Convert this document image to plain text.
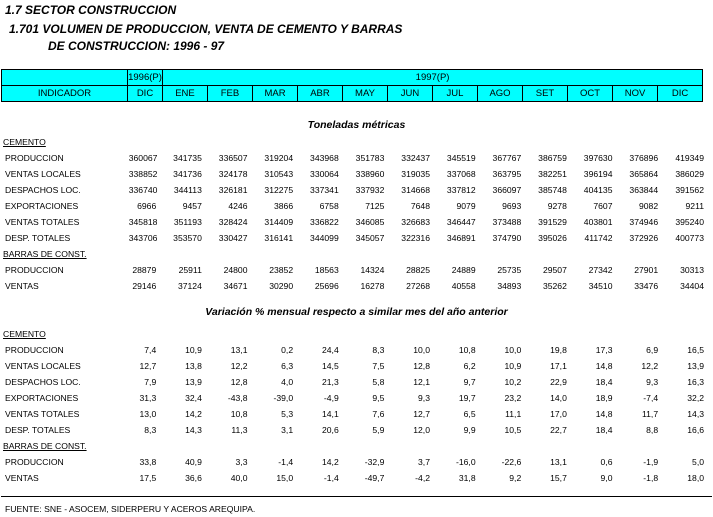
1.7 SECTOR CONSTRUCCION
1.701 VOLUMEN DE PRODUCCION, VENTA DE CEMENTO Y BARRAS
DE CONSTRUCCION: 1996 - 97
	1996(P)	1997(P)											
INDICADOR	DIC	ENE	FEB	MAR	ABR	MAY	JUN	JUL	AGO	SET	OCT	NOV	DIC
Toneladas métricas
CEMENTO													
PRODUCCION	360067	341735	336507	319204	343968	351783	332437	345519	367767	386759	397630	376896	419349
VENTAS LOCALES	338852	341736	324178	310543	330064	338960	319035	337068	363795	382251	396194	365864	386029
DESPACHOS LOC.	336740	344113	326181	312275	337341	337932	314668	337812	366097	385748	404135	363844	391562
EXPORTACIONES	6966	9457	4246	3866	6758	7125	7648	9079	9693	9278	7607	9082	9211
VENTAS TOTALES	345818	351193	328424	314409	336822	346085	326683	346447	373488	391529	403801	374946	395240
DESP. TOTALES	343706	353570	330427	316141	344099	345057	322316	346891	374790	395026	411742	372926	400773
BARRAS DE CONST.													
PRODUCCION	28879	25911	24800	23852	18563	14324	28825	24889	25735	29507	27342	27901	30313
VENTAS	29146	37124	34671	30290	25696	16278	27268	40558	34893	35262	34510	33476	34404
Variación % mensual respecto a similar mes del año anterior
CEMENTO													
PRODUCCION	7,4	10,9	13,1	0,2	24,4	8,3	10,0	10,8	10,0	19,8	17,3	6,9	16,5
VENTAS LOCALES	12,7	13,8	12,2	6,3	14,5	7,5	12,8	6,2	10,9	17,1	14,8	12,2	13,9
DESPACHOS LOC.	7,9	13,9	12,8	4,0	21,3	5,8	12,1	9,7	10,2	22,9	18,4	9,3	16,3
EXPORTACIONES	31,3	32,4	-43,8	-39,0	-4,9	9,5	9,3	19,7	23,2	14,0	18,9	-7,4	32,2
VENTAS TOTALES	13,0	14,2	10,8	5,3	14,1	7,6	12,7	6,5	11,1	17,0	14,8	11,7	14,3
DESP. TOTALES	8,3	14,3	11,3	3,1	20,6	5,9	12,0	9,9	10,5	22,7	18,4	8,8	16,6
BARRAS DE CONST.													
PRODUCCION	33,8	40,9	3,3	-1,4	14,2	-32,9	3,7	-16,0	-22,6	13,1	0,6	-1,9	5,0
VENTAS	17,5	36,6	40,0	15,0	-1,4	-49,7	-4,2	31,8	9,2	15,7	9,0	-1,8	18,0
FUENTE: SNE - ASOCEM, SIDERPERU Y ACEROS AREQUIPA.
